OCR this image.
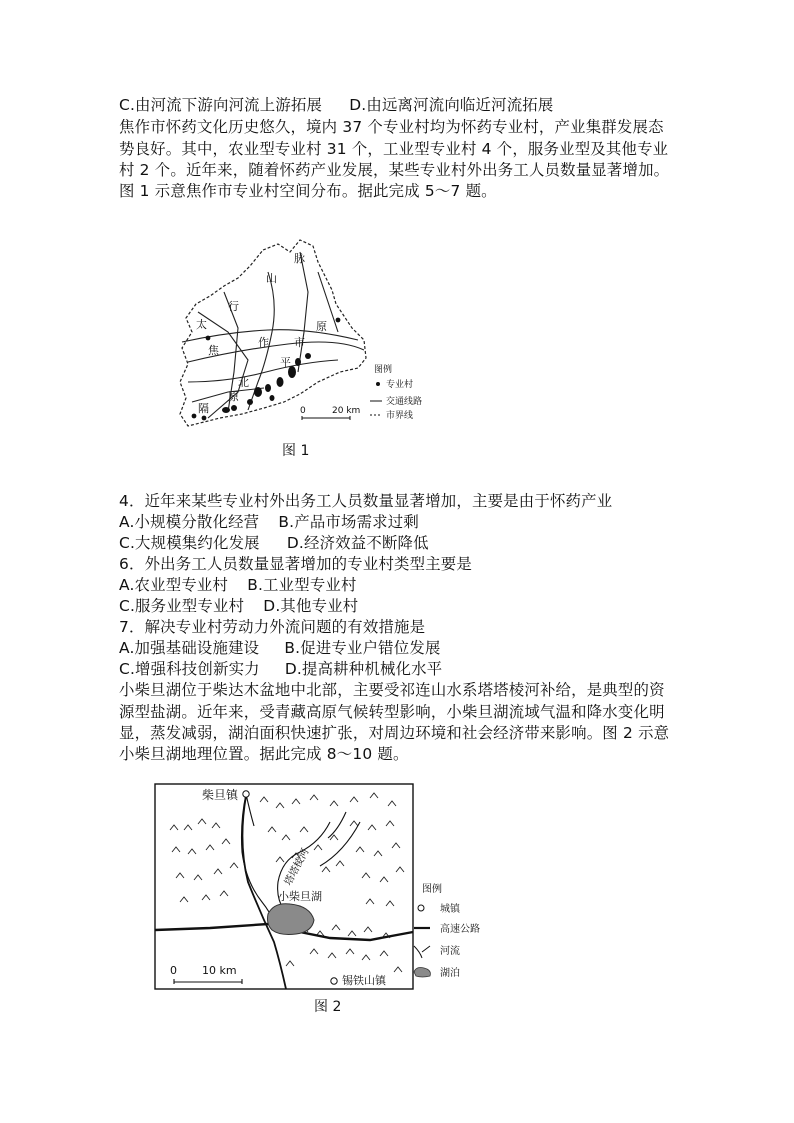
C.由河流下游向河流上游拓展 D.由远离河流向临近河流拓展
焦作市怀药文化历史悠久，境内 37 个专业村均为怀药专业村，产业集群发展态
势良好。其中，农业型专业村 31 个，工业型专业村 4 个，服务业型及其他专业
村 2 个。近年来，随着怀药产业发展，某些专业村外出务工人员数量显著增加。
图 1 示意焦作市专业村空间分布。据此完成 5～7 题。
太
行
山
脉
焦
作 市
原
平
北
原
隔
图例
专业村
交通线路
市界线
0	20 km
图 1
4．近年来某些专业村外出务工人员数量显著增加，主要是由于怀药产业
A.小规模分散化经营 B.产品市场需求过剩
C.大规模集约化发展 D.经济效益不断降低
6．外出务工人员数量显著增加的专业村类型主要是
A.农业型专业村 B.工业型专业村
C.服务业型专业村 D.其他专业村
7．解决专业村劳动力外流问题的有效措施是
A.加强基础设施建设 B.促进专业户错位发展
C.增强科技创新实力 D.提高耕种机械化水平
小柴旦湖位于柴达木盆地中北部，主要受祁连山水系塔塔棱河补给，是典型的资
源型盐湖。近年来，受青藏高原气候转型影响，小柴旦湖流域气温和降水变化明
显，蒸发减弱，湖泊面积快速扩张，对周边环境和社会经济带来影响。图 2 示意
小柴旦湖地理位置。据此完成 8～10 题。
柴旦镇
小柴旦湖
锡铁山镇
塔塔棱河
0 10 km
图例
城镇
高速公路
河流
湖泊
图 2
